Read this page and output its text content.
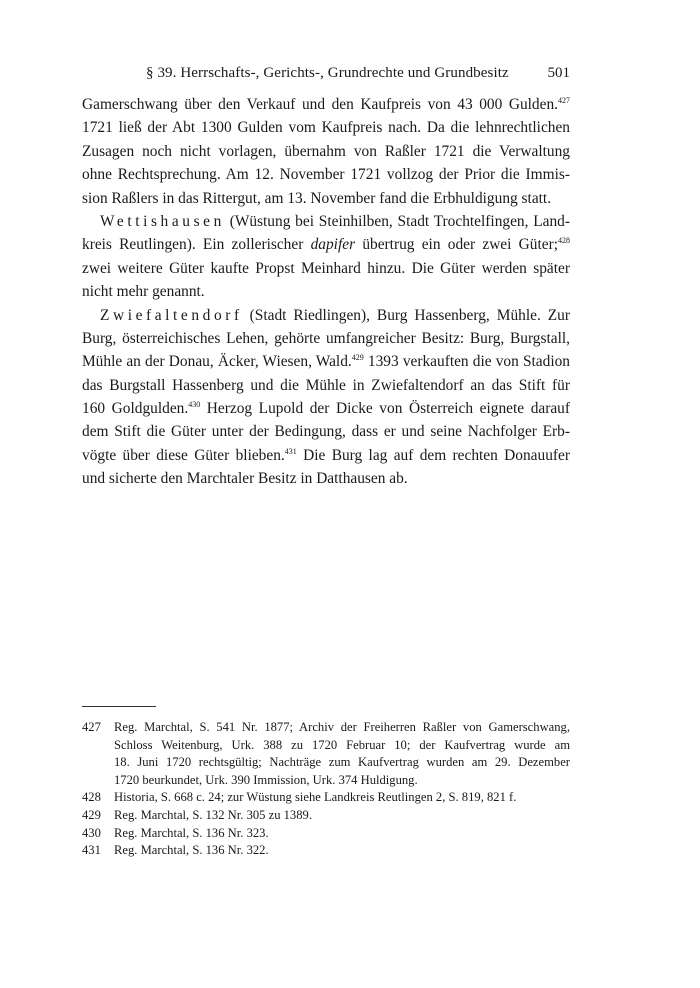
§ 39. Herrschafts-, Gerichts-, Grundrechte und Grundbesitz	501
Gamerschwang über den Verkauf und den Kaufpreis von 43 000 Gulden.$^{427}$
1721 ließ der Abt 1300 Gulden vom Kaufpreis nach. Da die lehnrechtlichen
Zusagen noch nicht vorlagen, übernahm von Raßler 1721 die Verwaltung
ohne Rechtsprechung. Am 12. November 1721 vollzog der Prior die Immis-
sion Raßlers in das Rittergut, am 13. November fand die Erbhuldigung statt.
Wettishausen (Wüstung bei Steinhilben, Stadt Trochtelfingen, Land-
kreis Reutlingen). Ein zollerischer dapifer übertrug ein oder zwei Güter;$^{428}$
zwei weitere Güter kaufte Propst Meinhard hinzu. Die Güter werden später
nicht mehr genannt.
Zwiefaltendorf (Stadt Riedlingen), Burg Hassenberg, Mühle. Zur
Burg, österreichisches Lehen, gehörte umfangreicher Besitz: Burg, Burgstall,
Mühle an der Donau, Äcker, Wiesen, Wald.$^{429}$ 1393 verkauften die von Stadion
das Burgstall Hassenberg und die Mühle in Zwiefaltendorf an das Stift für
160 Goldgulden.$^{430}$ Herzog Lupold der Dicke von Österreich eignete darauf
dem Stift die Güter unter der Bedingung, dass er und seine Nachfolger Erb-
vögte über diese Güter blieben.$^{431}$ Die Burg lag auf dem rechten Donauufer
und sicherte den Marchtaler Besitz in Datthausen ab.
427 Reg. Marchtal, S. 541 Nr. 1877; Archiv der Freiherren Raßler von Gamerschwang,
Schloss Weitenburg, Urk. 388 zu 1720 Februar 10; der Kaufvertrag wurde am
18. Juni 1720 rechtsgültig; Nachträge zum Kaufvertrag wurden am 29. Dezember
1720 beurkundet, Urk. 390 Immission, Urk. 374 Huldigung.
428 Historia, S. 668 c. 24; zur Wüstung siehe Landkreis Reutlingen 2, S. 819, 821 f.
429 Reg. Marchtal, S. 132 Nr. 305 zu 1389.
430 Reg. Marchtal, S. 136 Nr. 323.
431 Reg. Marchtal, S. 136 Nr. 322.
